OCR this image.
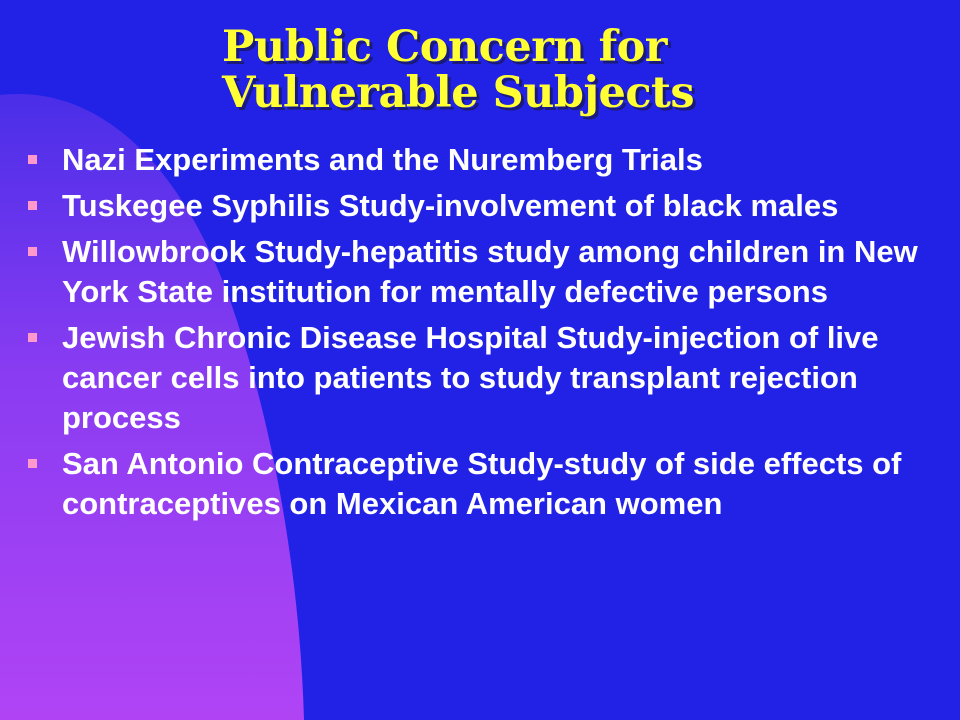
Public Concern for
Vulnerable Subjects
Nazi Experiments and the Nuremberg Trials
Tuskegee Syphilis Study-involvement of black males
Willowbrook Study-hepatitis study among children in New York State institution for mentally defective persons
Jewish Chronic Disease Hospital Study-injection of live cancer cells into patients to study transplant rejection process
San Antonio Contraceptive Study-study of side effects of contraceptives on Mexican American women
